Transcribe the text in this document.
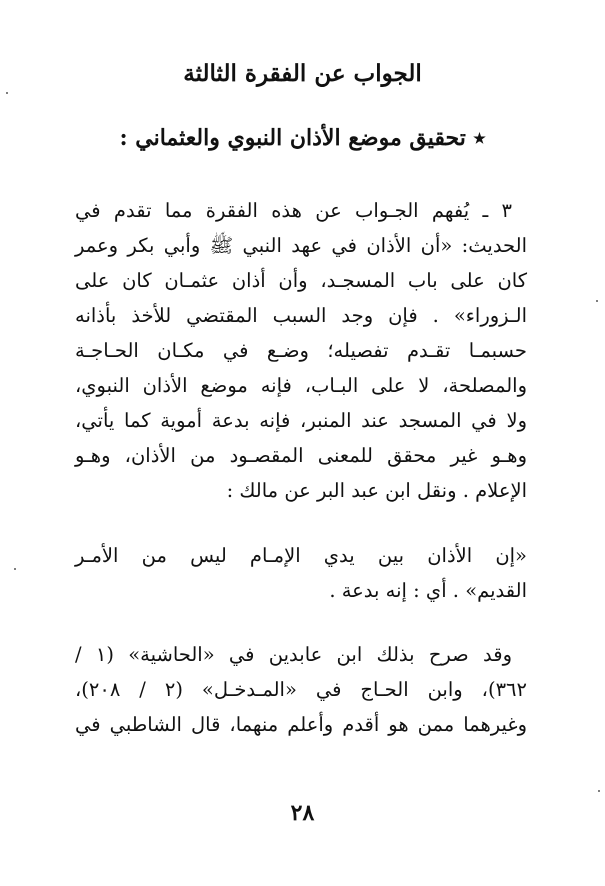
الجواب عن الفقرة الثالثة
٭ تحقيق موضع الأذان النبوي والعثماني :
٣ ـ يُفهم الجـواب عن هذه الفقرة مما تقدم في
الحديث: «أن الأذان في عهد النبي ﷺ وأبي بكر وعمر
كان على باب المسجـد، وأن أذان عثمـان كان على
الـزوراء» . فإن وجد السبب المقتضي للأخذ بأذانه
حسبمـا تقـدم تفصيله؛ وضـع في مكـان الحـاجـة
والمصلحة، لا على البـاب، فإنه موضع الأذان النبوي،
ولا في المسجد عند المنبر، فإنه بدعة أموية كما يأتي،
وهـو غير محقق للمعنى المقصـود من الأذان، وهـو
الإعلام . ونقل ابن عبد البر عن مالك :
«إن الأذان بين يدي الإمـام ليس من الأمـر
القديم» . أي : إنه بدعة .
وقد صرح بذلك ابن عابدين في «الحاشية» (١ /
٣٦٢)، وابن الحـاج في «المـدخـل» (٢ / ٢٠٨)،
وغيرهما ممن هو أقدم وأعلم منهما، قال الشاطبي في
٢٨
